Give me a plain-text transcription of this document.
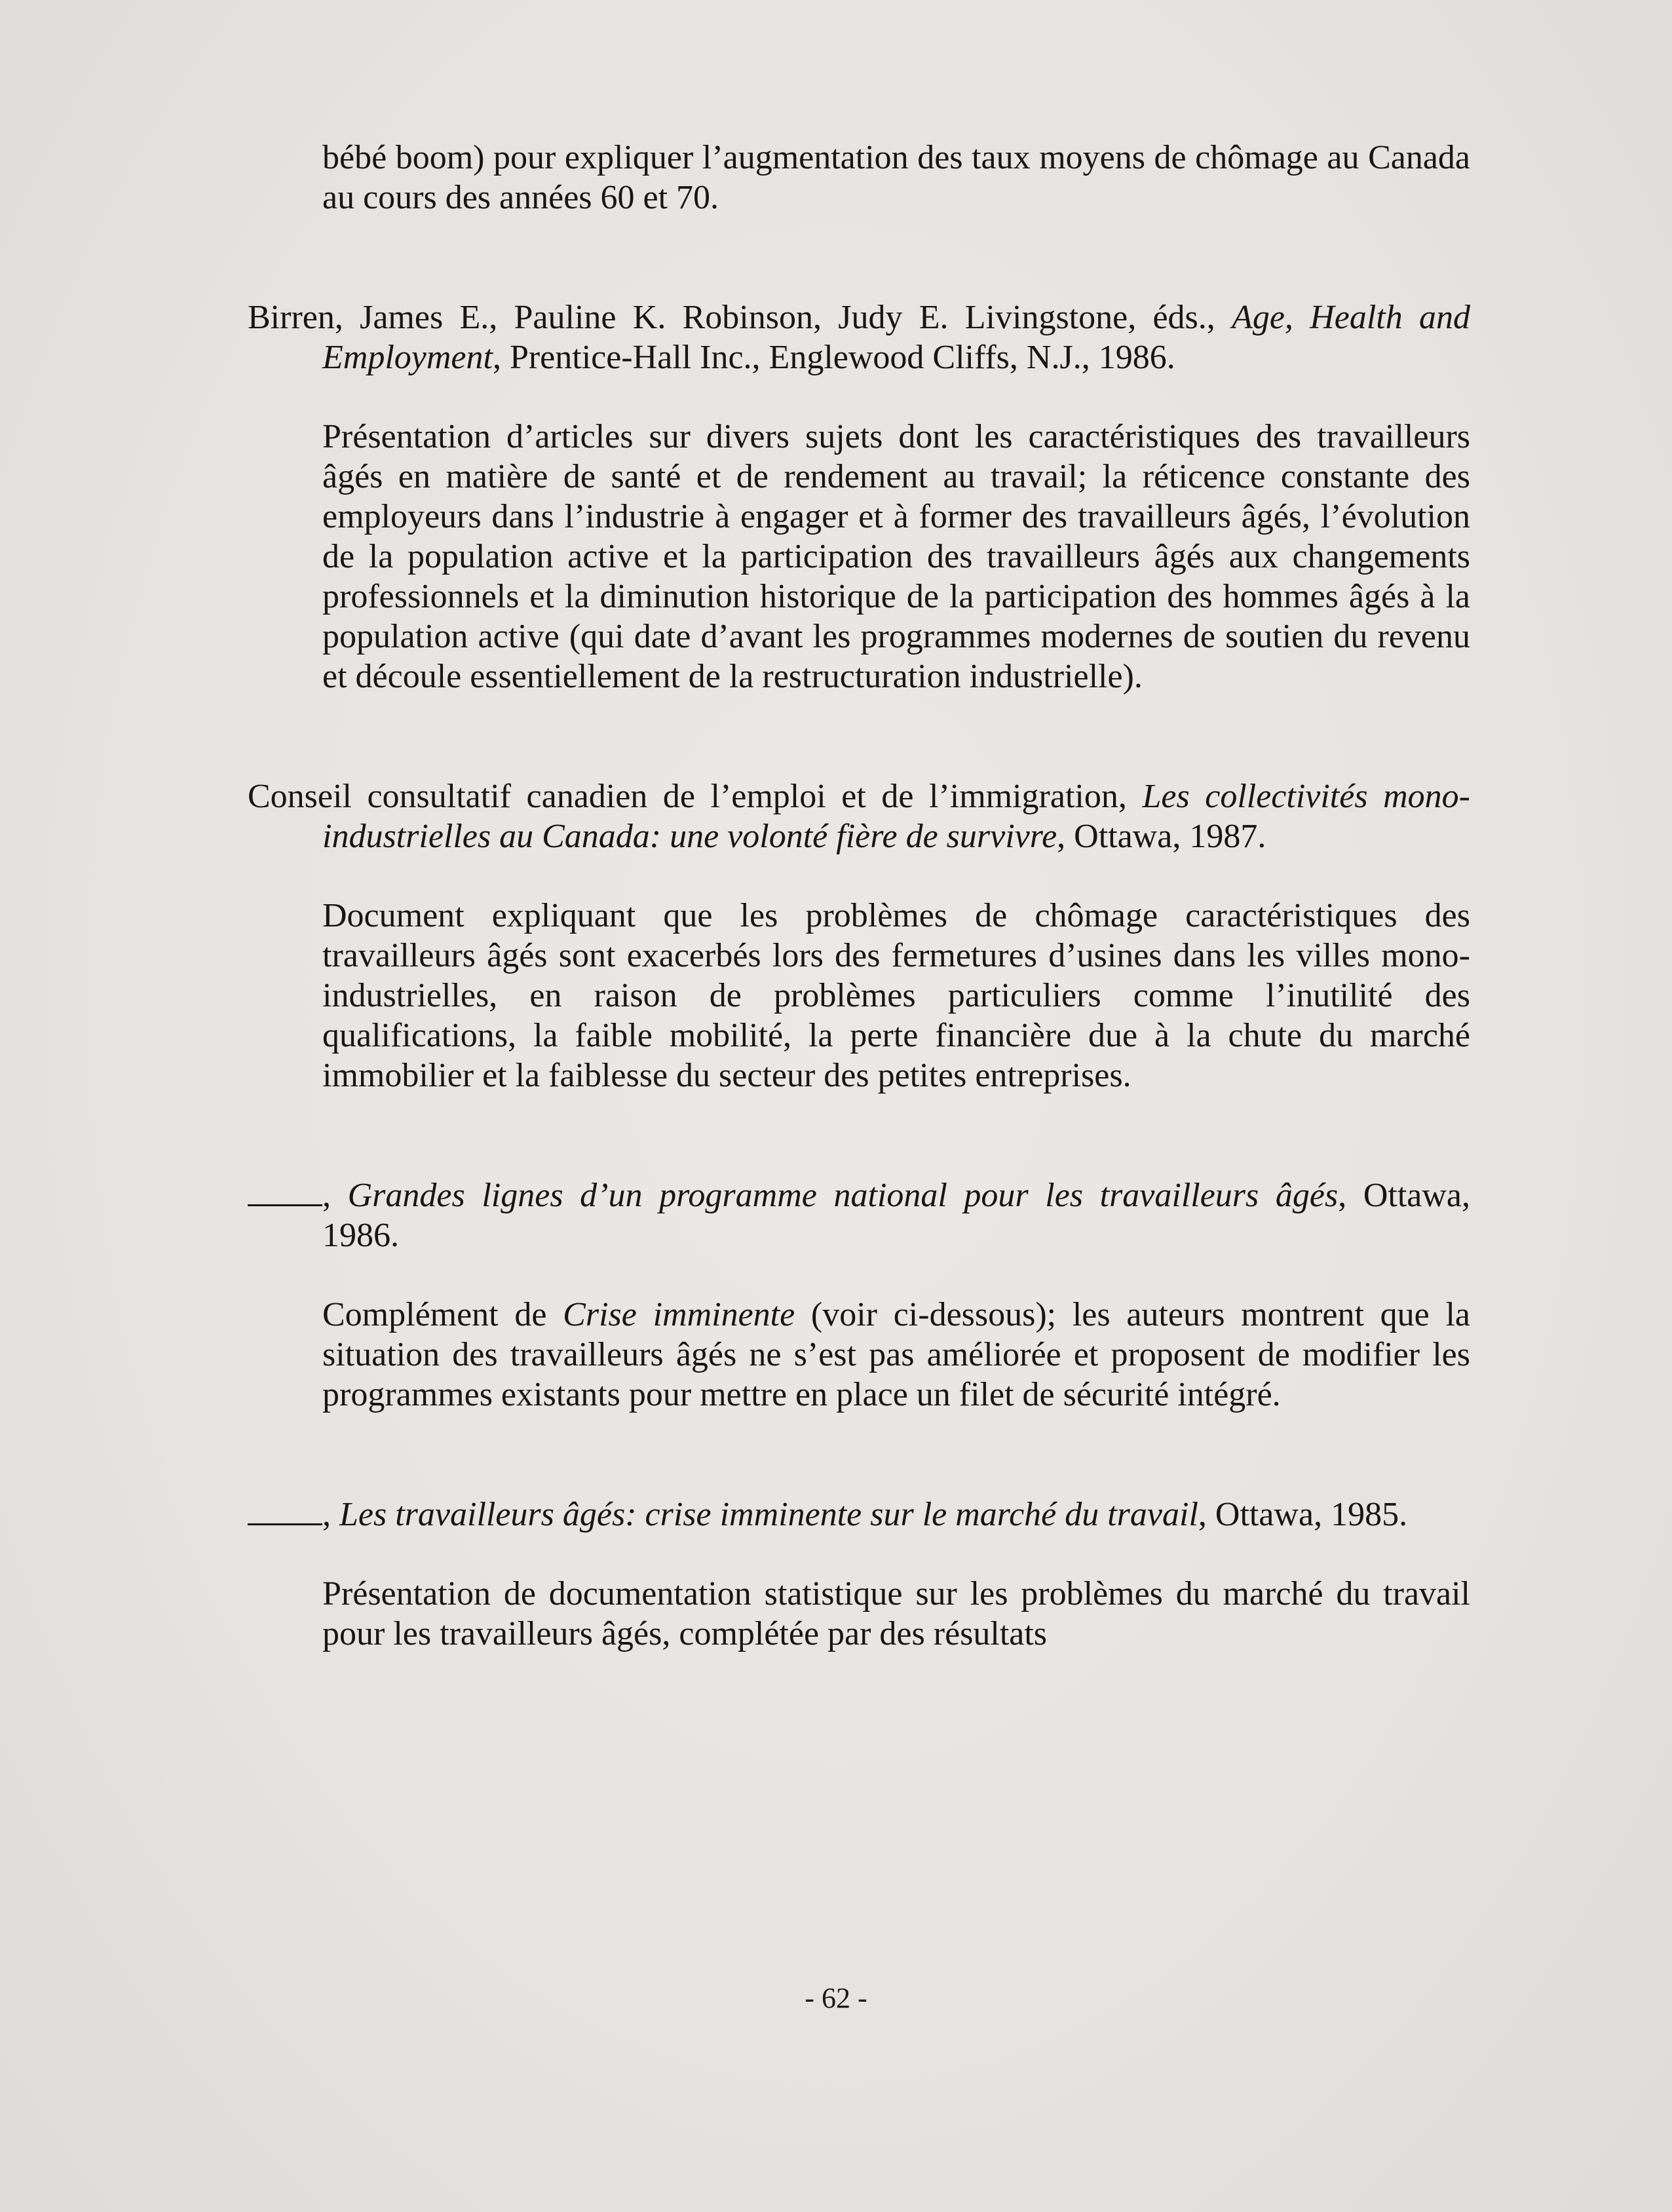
bébé boom) pour expliquer l’augmentation des taux moyens de chômage au Canada au cours des années 60 et 70.

Birren, James E., Pauline K. Robinson, Judy E. Livingstone, éds., Age, Health and Employment, Prentice-Hall Inc., Englewood Cliffs, N.J., 1986.

Présentation d’articles sur divers sujets dont les caractéristiques des travailleurs âgés en matière de santé et de rendement au travail; la réticence constante des employeurs dans l’industrie à engager et à former des travailleurs âgés, l’évolution de la population active et la participation des travailleurs âgés aux changements professionnels et la diminution historique de la participation des hommes âgés à la population active (qui date d’avant les programmes modernes de soutien du revenu et découle essentiellement de la restructuration industrielle).

Conseil consultatif canadien de l’emploi et de l’immigration, Les collectivités mono-industrielles au Canada: une volonté fière de survivre, Ottawa, 1987.

Document expliquant que les problèmes de chômage caractéristiques des travailleurs âgés sont exacerbés lors des fermetures d’usines dans les villes mono-industrielles, en raison de problèmes particuliers comme l’inutilité des qualifications, la faible mobilité, la perte financière due à la chute du marché immobilier et la faiblesse du secteur des petites entreprises.

, Grandes lignes d’un programme national pour les travailleurs âgés, Ottawa, 1986.

Complément de Crise imminente (voir ci-dessous); les auteurs montrent que la situation des travailleurs âgés ne s’est pas améliorée et proposent de modifier les programmes existants pour mettre en place un filet de sécurité intégré.

, Les travailleurs âgés: crise imminente sur le marché du travail, Ottawa, 1985.

Présentation de documentation statistique sur les problèmes du marché du travail pour les travailleurs âgés, complétée par des résultats

- 62 -
